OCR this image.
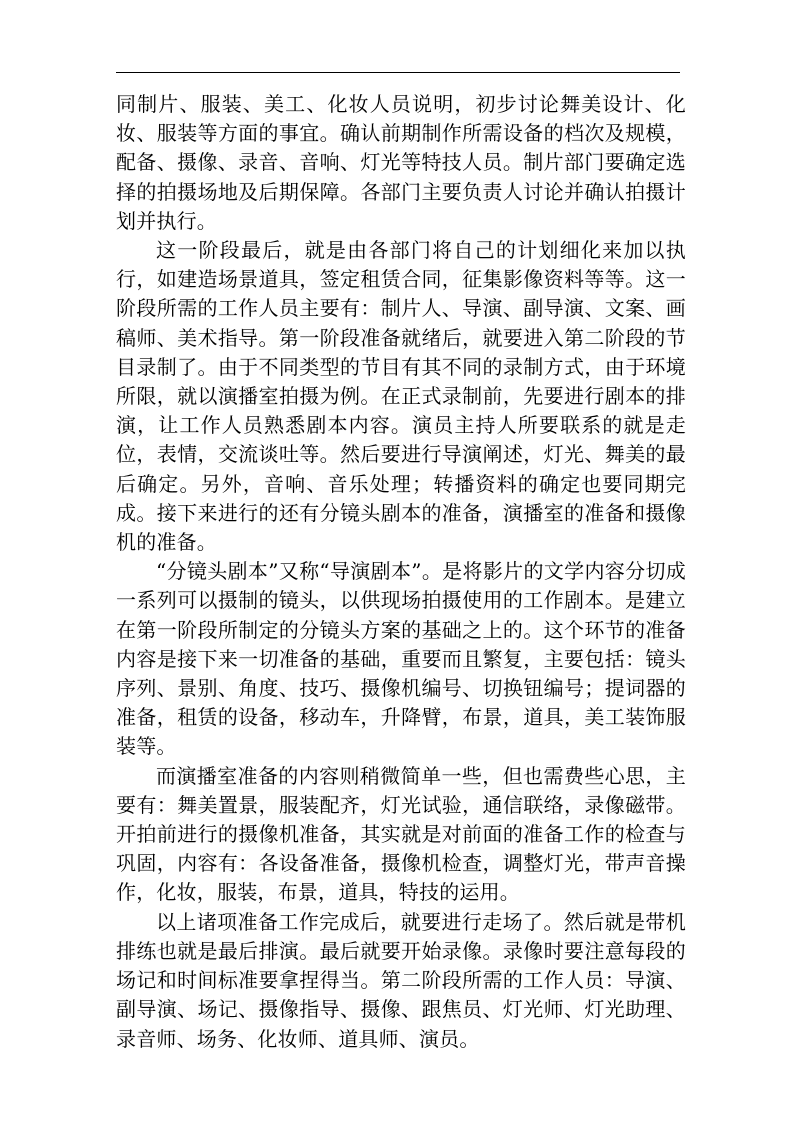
同制片、服装、美工、化妆人员说明，初步讨论舞美设计、化妆、服装等方面的事宜。确认前期制作所需设备的档次及规模，配备、摄像、录音、音响、灯光等特技人员。制片部门要确定选择的拍摄场地及后期保障。各部门主要负责人讨论并确认拍摄计划并执行。

这一阶段最后，就是由各部门将自己的计划细化来加以执行，如建造场景道具，签定租赁合同，征集影像资料等等。这一阶段所需的工作人员主要有：制片人、导演、副导演、文案、画稿师、美术指导。第一阶段准备就绪后，就要进入第二阶段的节目录制了。由于不同类型的节目有其不同的录制方式，由于环境所限，就以演播室拍摄为例。在正式录制前，先要进行剧本的排演，让工作人员熟悉剧本内容。演员主持人所要联系的就是走位，表情，交流谈吐等。然后要进行导演阐述，灯光、舞美的最后确定。另外，音响、音乐处理；转播资料的确定也要同期完成。接下来进行的还有分镜头剧本的准备，演播室的准备和摄像机的准备。

“分镜头剧本”又称“导演剧本”。是将影片的文学内容分切成一系列可以摄制的镜头，以供现场拍摄使用的工作剧本。是建立在第一阶段所制定的分镜头方案的基础之上的。这个环节的准备内容是接下来一切准备的基础，重要而且繁复，主要包括：镜头序列、景别、角度、技巧、摄像机编号、切换钮编号；提词器的准备，租赁的设备，移动车，升降臂，布景，道具，美工装饰服装等。

而演播室准备的内容则稍微简单一些，但也需费些心思，主要有：舞美置景，服装配齐，灯光试验，通信联络，录像磁带。开拍前进行的摄像机准备，其实就是对前面的准备工作的检查与巩固，内容有：各设备准备，摄像机检查，调整灯光，带声音操作，化妆，服装，布景，道具，特技的运用。

以上诸项准备工作完成后，就要进行走场了。然后就是带机排练也就是最后排演。最后就要开始录像。录像时要注意每段的场记和时间标准要拿捏得当。第二阶段所需的工作人员：导演、副导演、场记、摄像指导、摄像、跟焦员、灯光师、灯光助理、录音师、场务、化妆师、道具师、演员。
